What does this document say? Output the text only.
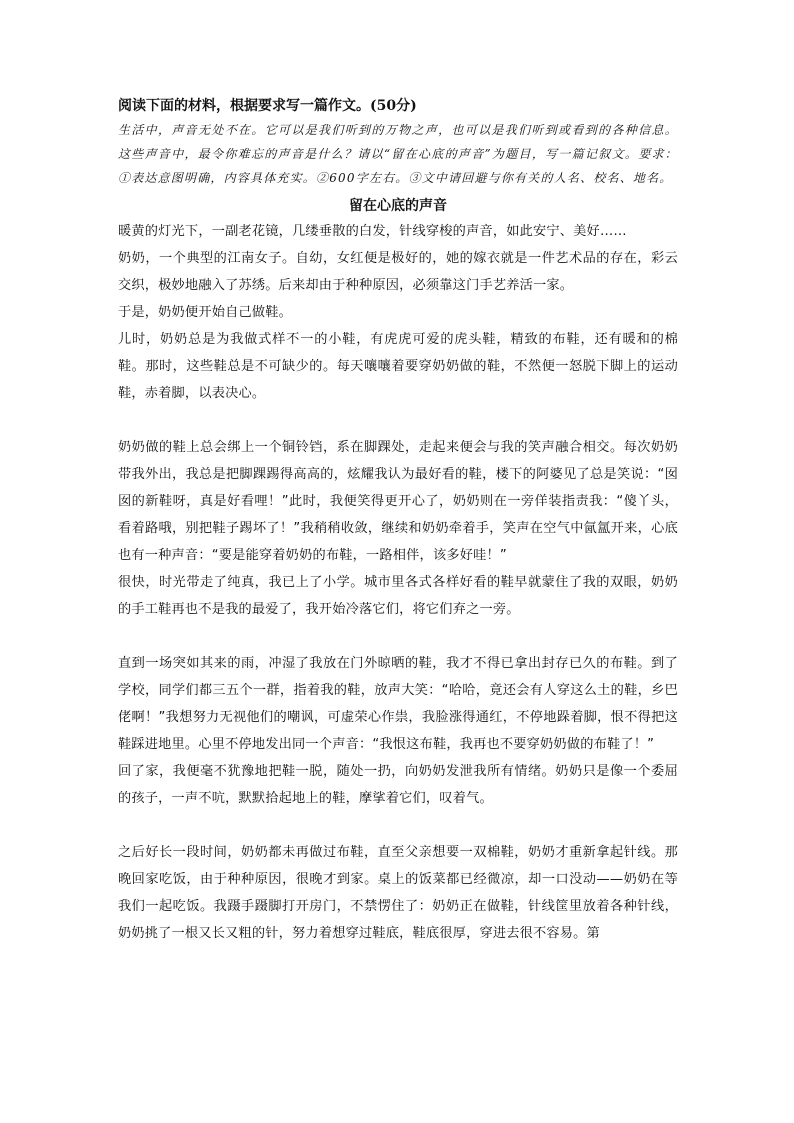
阅读下面的材料，根据要求写一篇作文。(50分)
生活中，声音无处不在。它可以是我们听到的万物之声，也可以是我们听到或看到的各种信息。这些声音中，最令你难忘的声音是什么？请以“留在心底的声音”为题目，写一篇记叙文。要求：①表达意图明确，内容具体充实。②600字左右。③文中请回避与你有关的人名、校名、地名。
留在心底的声音
暖黄的灯光下，一副老花镜，几缕垂散的白发，针线穿梭的声音，如此安宁、美好……
奶奶，一个典型的江南女子。自幼，女红便是极好的，她的嫁衣就是一件艺术品的存在，彩云交织，极妙地融入了苏绣。后来却由于种种原因，必须靠这门手艺养活一家。
于是，奶奶便开始自己做鞋。
儿时，奶奶总是为我做式样不一的小鞋，有虎虎可爱的虎头鞋，精致的布鞋，还有暖和的棉鞋。那时，这些鞋总是不可缺少的。每天嚷嚷着要穿奶奶做的鞋，不然便一怒脱下脚上的运动鞋，赤着脚，以表决心。
奶奶做的鞋上总会绑上一个铜铃铛，系在脚踝处，走起来便会与我的笑声融合相交。每次奶奶带我外出，我总是把脚踝踢得高高的，炫耀我认为最好看的鞋，楼下的阿婆见了总是笑说：“囡囡的新鞋呀，真是好看哩！”此时，我便笑得更开心了，奶奶则在一旁佯装指责我：“傻丫头，看着路哦，别把鞋子踢坏了！”我稍稍收敛，继续和奶奶牵着手，笑声在空气中氤氲开来，心底也有一种声音：“要是能穿着奶奶的布鞋，一路相伴，该多好哇！”
很快，时光带走了纯真，我已上了小学。城市里各式各样好看的鞋早就蒙住了我的双眼，奶奶的手工鞋再也不是我的最爱了，我开始冷落它们，将它们弃之一旁。
直到一场突如其来的雨，冲湿了我放在门外晾晒的鞋，我才不得已拿出封存已久的布鞋。到了学校，同学们都三五个一群，指着我的鞋，放声大笑：“哈哈，竟还会有人穿这么土的鞋，乡巴佬啊！”我想努力无视他们的嘲讽，可虚荣心作祟，我脸涨得通红，不停地跺着脚，恨不得把这鞋踩进地里。心里不停地发出同一个声音：“我恨这布鞋，我再也不要穿奶奶做的布鞋了！”
回了家，我便毫不犹豫地把鞋一脱，随处一扔，向奶奶发泄我所有情绪。奶奶只是像一个委屈的孩子，一声不吭，默默拾起地上的鞋，摩挲着它们，叹着气。
之后好长一段时间，奶奶都未再做过布鞋，直至父亲想要一双棉鞋，奶奶才重新拿起针线。那晚回家吃饭，由于种种原因，很晚才到家。桌上的饭菜都已经微凉，却一口没动——奶奶在等我们一起吃饭。我蹑手蹑脚打开房门，不禁愣住了：奶奶正在做鞋，针线筐里放着各种针线，奶奶挑了一根又长又粗的针，努力着想穿过鞋底，鞋底很厚，穿进去很不容易。第
